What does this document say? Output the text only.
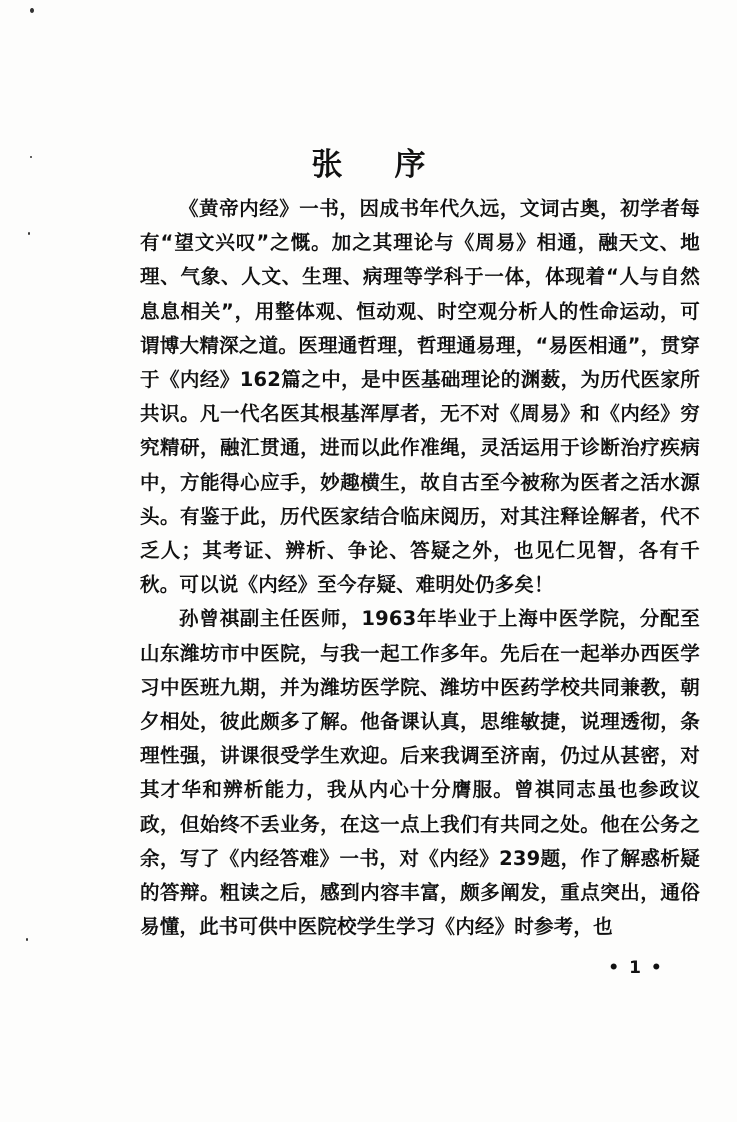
张序

《黄帝内经》一书，因成书年代久远，文词古奥，初学者每有“望文兴叹”之慨。加之其理论与《周易》相通，融天文、地理、气象、人文、生理、病理等学科于一体，体现着“人与自然息息相关”，用整体观、恒动观、时空观分析人的性命运动，可谓博大精深之道。医理通哲理，哲理通易理，“易医相通”，贯穿于《内经》162篇之中，是中医基础理论的渊薮，为历代医家所共识。凡一代名医其根基浑厚者，无不对《周易》和《内经》穷究精研，融汇贯通，进而以此作准绳，灵活运用于诊断治疗疾病中，方能得心应手，妙趣横生，故自古至今被称为医者之活水源头。有鉴于此，历代医家结合临床阅历，对其注释诠解者，代不乏人；其考证、辨析、争论、答疑之外，也见仁见智，各有千秋。可以说《内经》至今存疑、难明处仍多矣！

孙曾祺副主任医师，1963年毕业于上海中医学院，分配至山东潍坊市中医院，与我一起工作多年。先后在一起举办西医学习中医班九期，并为潍坊医学院、潍坊中医药学校共同兼教，朝夕相处，彼此颇多了解。他备课认真，思维敏捷，说理透彻，条理性强，讲课很受学生欢迎。后来我调至济南，仍过从甚密，对其才华和辨析能力，我从内心十分膺服。曾祺同志虽也参政议政，但始终不丢业务，在这一点上我们有共同之处。他在公务之余，写了《内经答难》一书，对《内经》239题，作了解惑析疑的答辩。粗读之后，感到内容丰富，颇多阐发，重点突出，通俗易懂，此书可供中医院校学生学习《内经》时参考，也

• 1 •
